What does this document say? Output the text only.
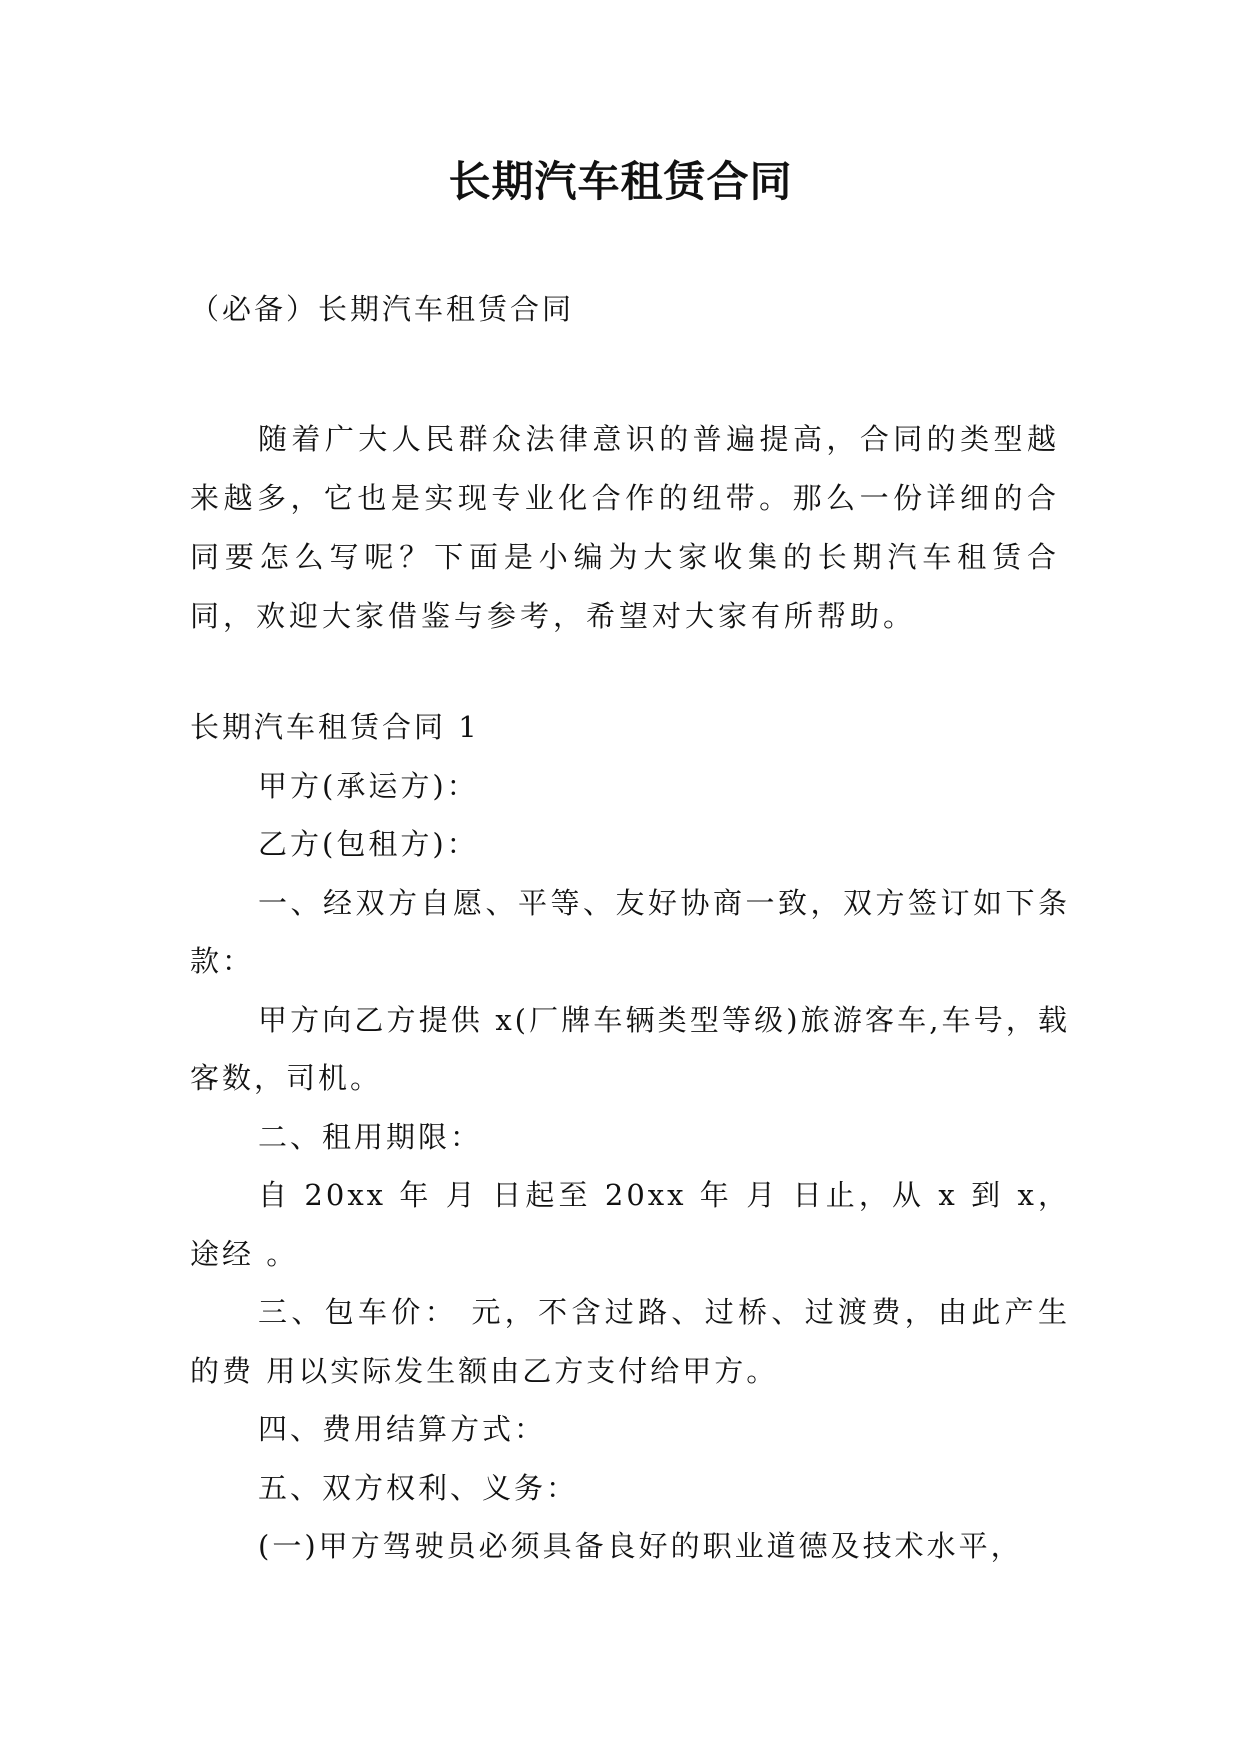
长期汽车租赁合同

（必备）长期汽车租赁合同

随着广大人民群众法律意识的普遍提高，合同的类型越来越多，它也是实现专业化合作的纽带。那么一份详细的合同要怎么写呢？下面是小编为大家收集的长期汽车租赁合同，欢迎大家借鉴与参考，希望对大家有所帮助。

长期汽车租赁合同 1

甲方(承运方)：

乙方(包租方)：

一、经双方自愿、平等、友好协商一致，双方签订如下条款：

甲方向乙方提供 x(厂牌车辆类型等级)旅游客车,车号，载客数，司机。

二、租用期限：

自 20xx 年 月 日起至 20xx 年 月 日止，从 x 到 x，途经 。

三、包车价： 元，不含过路、过桥、过渡费，由此产生的费 用以实际发生额由乙方支付给甲方。

四、费用结算方式：

五、双方权利、义务：

(一)甲方驾驶员必须具备良好的职业道德及技术水平，
